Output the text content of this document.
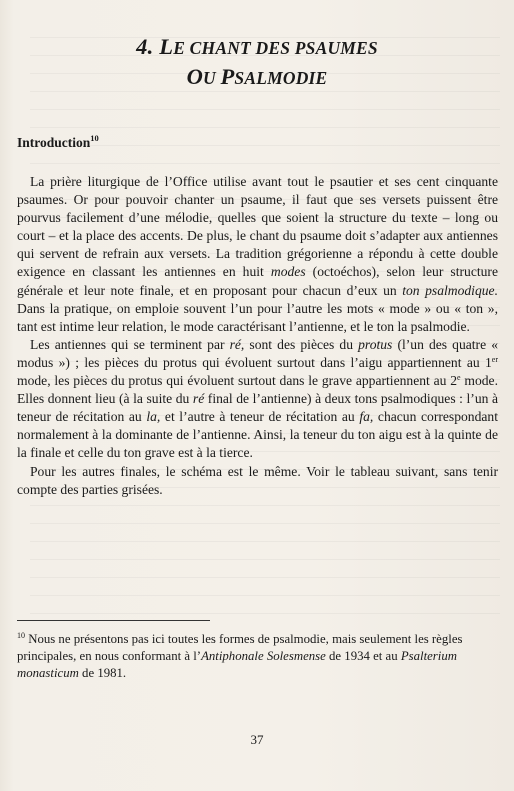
4. LE CHANT DES PSAUMES
OU PSALMODIE
Introduction$^{10}$

La prière liturgique de l’Office utilise avant tout le psautier et ses cent cinquante psaumes. Or pour pouvoir chanter un psaume, il faut que ses versets puissent être pourvus facilement d’une mélodie, quelles que soient la structure du texte – long ou court – et la place des accents. De plus, le chant du psaume doit s’adapter aux antiennes qui servent de refrain aux versets. La tradition grégorienne a répondu à cette double exigence en classant les antiennes en huit modes (octoéchos), selon leur structure générale et leur note finale, et en proposant pour chacun d’eux un ton psalmodique. Dans la pratique, on emploie souvent l’un pour l’autre les mots « mode » ou « ton », tant est intime leur relation, le mode caractérisant l’antienne, et le ton la psalmodie.

Les antiennes qui se terminent par ré, sont des pièces du protus (l’un des quatre « modus ») ; les pièces du protus qui évoluent surtout dans l’aigu appartiennent au 1er mode, les pièces du protus qui évoluent surtout dans le grave appartiennent au 2e mode. Elles donnent lieu (à la suite du ré final de l’antienne) à deux tons psalmodiques : l’un à teneur de récitation au la, et l’autre à teneur de récitation au fa, chacun correspondant normalement à la dominante de l’antienne. Ainsi, la teneur du ton aigu est à la quinte de la finale et celle du ton grave est à la tierce.

Pour les autres finales, le schéma est le même. Voir le tableau suivant, sans tenir compte des parties grisées.

$^{10}$ Nous ne présentons pas ici toutes les formes de psalmodie, mais seulement les règles principales, en nous conformant à l’Antiphonale Solesmense de 1934 et au Psalterium monasticum de 1981.
37
